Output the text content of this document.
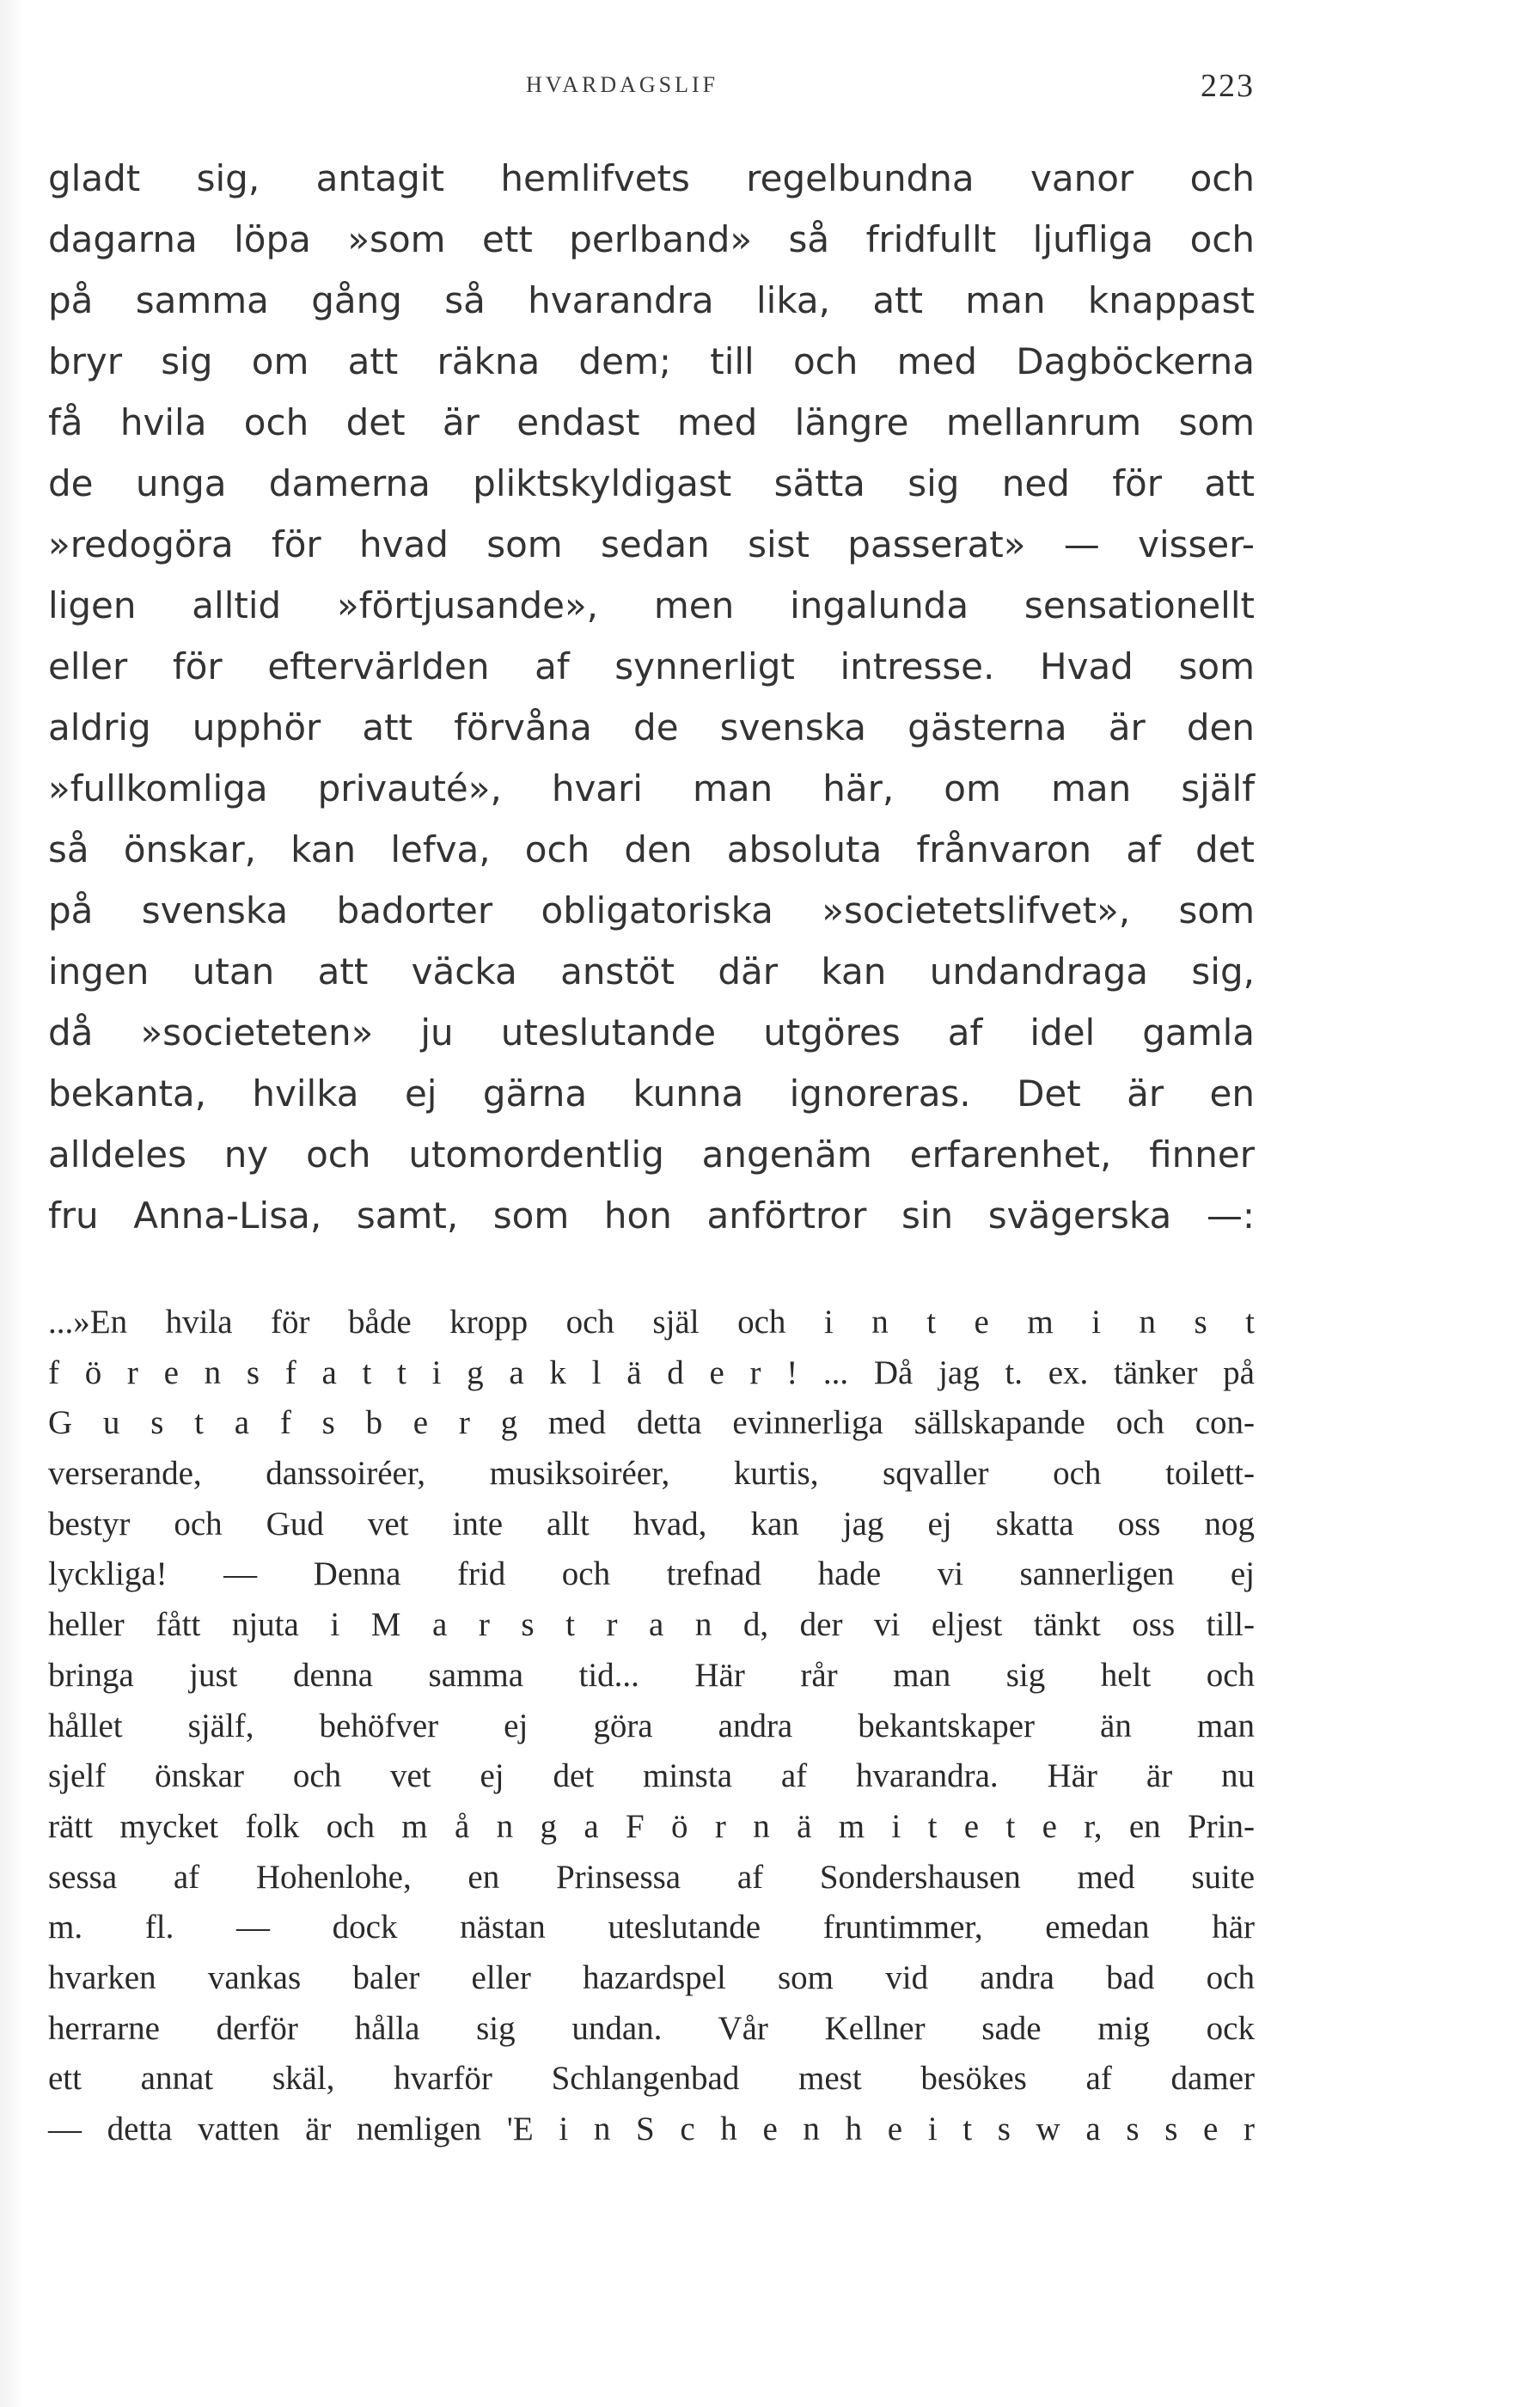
HVARDAGSLIF	223
gladt sig, antagit hemlifvets regelbundna vanor och
dagarna löpa »som ett perlband» så fridfullt ljufliga och
på samma gång så hvarandra lika, att man knappast
bryr sig om att räkna dem; till och med Dagböckerna
få hvila och det är endast med längre mellanrum som
de unga damerna pliktskyldigast sätta sig ned för att
»redogöra för hvad som sedan sist passerat» — visser-
ligen alltid »förtjusande», men ingalunda sensationellt
eller för eftervärlden af synnerligt intresse. Hvad som
aldrig upphör att förvåna de svenska gästerna är den
»fullkomliga privauté», hvari man här, om man själf
så önskar, kan lefva, och den absoluta frånvaron af det
på svenska badorter obligatoriska »societetslifvet», som
ingen utan att väcka anstöt där kan undandraga sig,
då »societeten» ju uteslutande utgöres af idel gamla
bekanta, hvilka ej gärna kunna ignoreras. Det är en
alldeles ny och utomordentlig angenäm erfarenhet, finner
fru Anna-Lisa, samt, som hon anförtror sin svägerska —:
...»En hvila för både kropp och själ och i n t e m i n s t
f ö r e n s f a t t i g a k l ä d e r ! ... Då jag t. ex. tänker på
G u s t a f s b e r g med detta evinnerliga sällskapande och con-
verserande, danssoiréer, musiksoiréer, kurtis, sqvaller och toilett-
bestyr och Gud vet inte allt hvad, kan jag ej skatta oss nog
lyckliga! — Denna frid och trefnad hade vi sannerligen ej
heller fått njuta i M a r s t r a n d, der vi eljest tänkt oss till-
bringa just denna samma tid... Här rår man sig helt och
hållet själf, behöfver ej göra andra bekantskaper än man
sjelf önskar och vet ej det minsta af hvarandra. Här är nu
rätt mycket folk och m å n g a F ö r n ä m i t e t e r, en Prin-
sessa af Hohenlohe, en Prinsessa af Sondershausen med suite
m. fl. — dock nästan uteslutande fruntimmer, emedan här
hvarken vankas baler eller hazardspel som vid andra bad och
herrarne derför hålla sig undan. Vår Kellner sade mig ock
ett annat skäl, hvarför Schlangenbad mest besökes af damer
— detta vatten är nemligen 'E i n S c h e n h e i t s w a s s e r
